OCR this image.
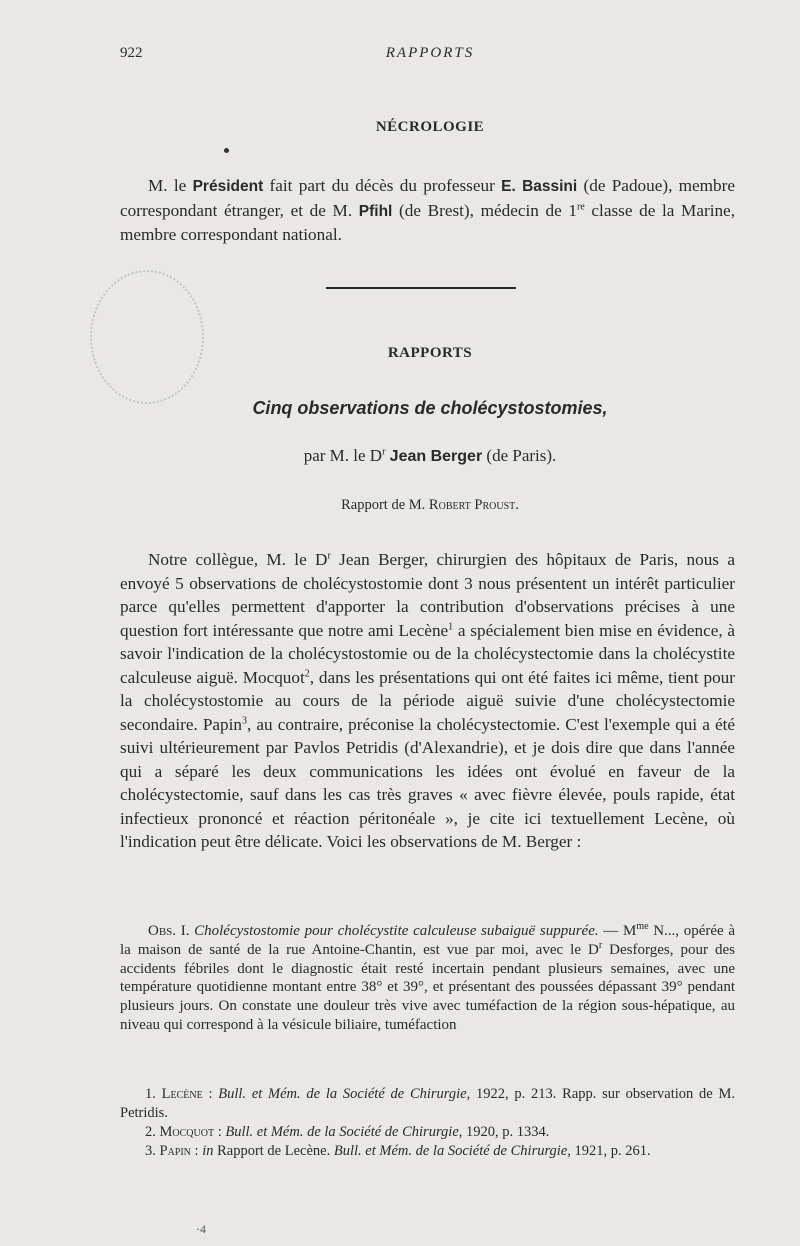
922	RAPPORTS
NÉCROLOGIE

M. le Président fait part du décès du professeur E. Bassini (de Padoue), membre correspondant étranger, et de M. Pfihl (de Brest), médecin de 1re classe de la Marine, membre correspondant national.

RAPPORTS
Cinq observations de cholécystostomies,
par M. le $D^r$ Jean Berger (de Paris).
Rapport de M. Robert Proust.

Notre collègue, M. le $D^r$ Jean Berger, chirurgien des hôpitaux de Paris, nous a envoyé 5 observations de cholécystostomie dont 3 nous présentent un intérêt particulier parce qu'elles permettent d'apporter la contribution d'observations précises à une question fort intéressante que notre ami Lecène$^1$ a spécialement bien mise en évidence, à savoir l'indication de la cholécystostomie ou de la cholécystectomie dans la cholécystite calculeuse aiguë. Mocquot$^2$, dans les présentations qui ont été faites ici même, tient pour la cholécystostomie au cours de la période aiguë suivie d'une cholécystectomie secondaire. Papin$^3$, au contraire, préconise la cholécystectomie. C'est l'exemple qui a été suivi ultérieurement par Pavlos Petridis (d'Alexandrie), et je dois dire que dans l'année qui a séparé les deux communications les idées ont évolué en faveur de la cholécystectomie, sauf dans les cas très graves « avec fièvre élevée, pouls rapide, état infectieux prononcé et réaction péritonéale », je cite ici textuellement Lecène, où l'indication peut être délicate. Voici les observations de M. Berger :

Obs. I. Cholécystostomie pour cholécystite calculeuse subaiguë suppurée. — $M^{me}$ N..., opérée à la maison de santé de la rue Antoine-Chantin, est vue par moi, avec le $D^r$ Desforges, pour des accidents fébriles dont le diagnostic était resté incertain pendant plusieurs semaines, avec une température quotidienne montant entre 38° et 39°, et présentant des poussées dépassant 39° pendant plusieurs jours. On constate une douleur très vive avec tuméfaction de la région sous-hépatique, au niveau qui correspond à la vésicule biliaire, tuméfaction

1. Lecène : Bull. et Mém. de la Société de Chirurgie, 1922, p. 213. Rapp. sur observation de M. Petridis.

2. Mocquot : Bull. et Mém. de la Société de Chirurgie, 1920, p. 1334.

3. Papin : in Rapport de Lecène. Bull. et Mém. de la Société de Chirurgie, 1921, p. 261.

·4
